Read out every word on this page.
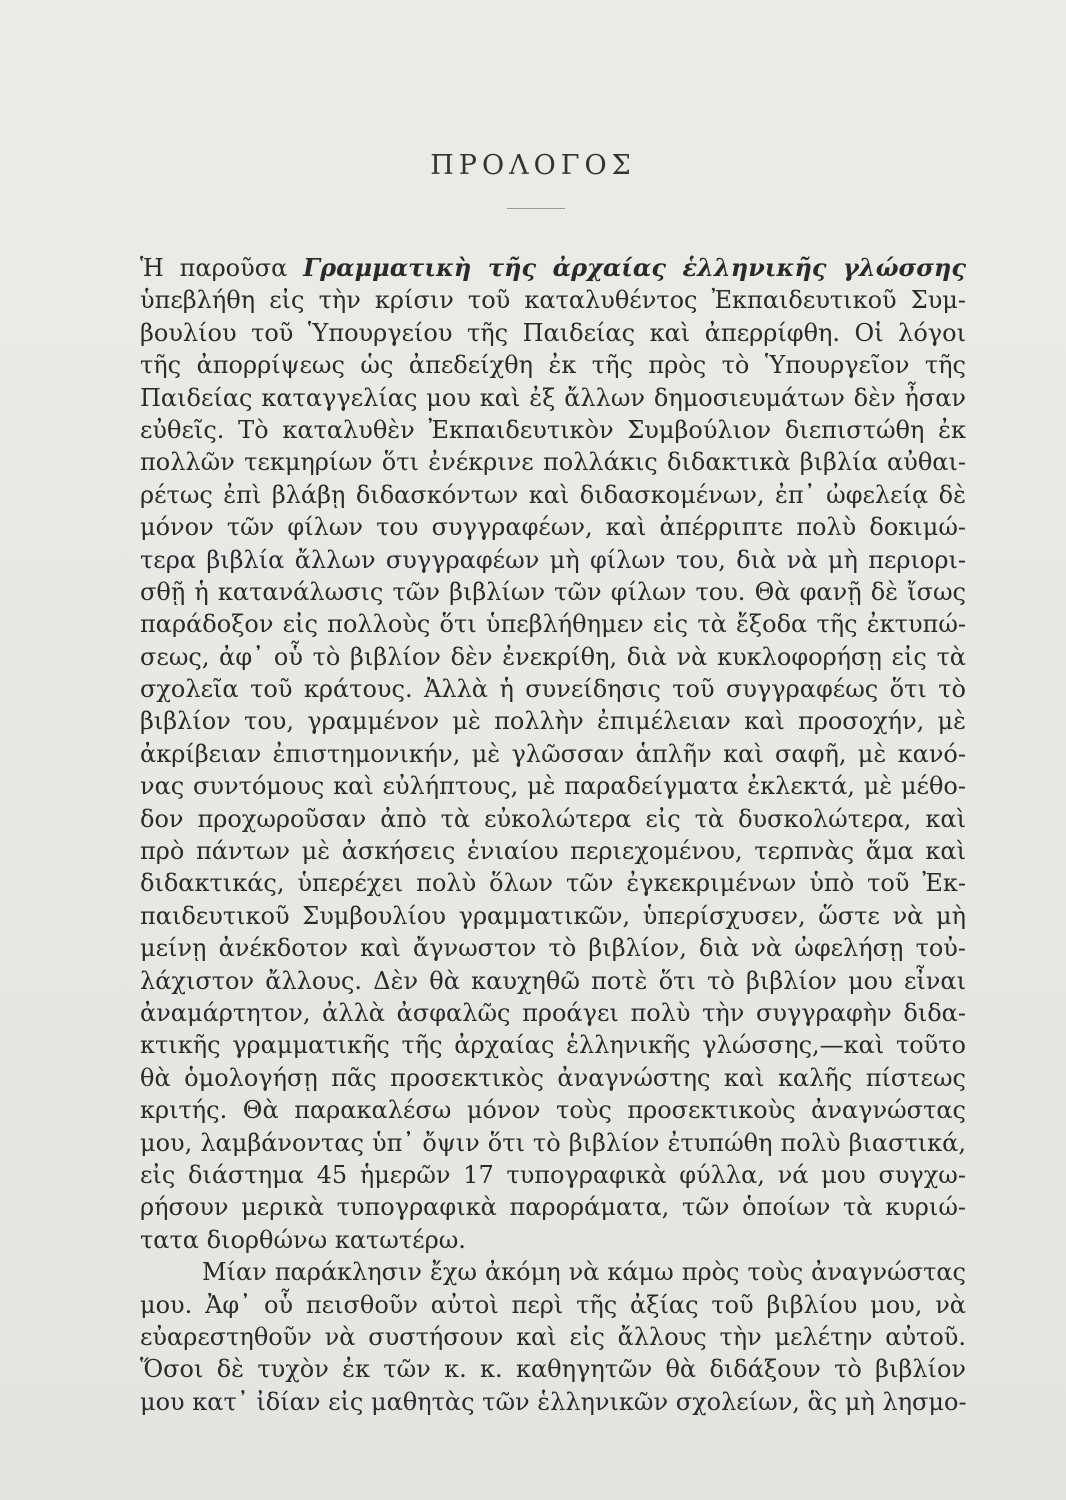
ΠΡΟΛΟΓΟΣ
Ἡ παροῦσα Γραμματικὴ τῆς ἀρχαίας ἑλληνικῆς γλώσσης
ὑπεβλήθη εἰς τὴν κρίσιν τοῦ καταλυθέντος Ἐκπαιδευτικοῦ Συμ-
βουλίου τοῦ Ὑπουργείου τῆς Παιδείας καὶ ἀπερρίφθη. Οἱ λόγοι
τῆς ἀπορρίψεως ὡς ἀπεδείχθη ἐκ τῆς πρὸς τὸ Ὑπουργεῖον τῆς
Παιδείας καταγγελίας μου καὶ ἐξ ἄλλων δημοσιευμάτων δὲν ἦσαν
εὐθεῖς. Τὸ καταλυθὲν Ἐκπαιδευτικὸν Συμβούλιον διεπιστώθη ἐκ
πολλῶν τεκμηρίων ὅτι ἐνέκρινε πολλάκις διδακτικὰ βιβλία αὐθαι-
ρέτως ἐπὶ βλάβῃ διδασκόντων καὶ διδασκομένων, ἐπ᾽ ὠφελείᾳ δὲ
μόνον τῶν φίλων του συγγραφέων, καὶ ἀπέρριπτε πολὺ δοκιμώ-
τερα βιβλία ἄλλων συγγραφέων μὴ φίλων του, διὰ νὰ μὴ περιορι-
σθῇ ἡ κατανάλωσις τῶν βιβλίων τῶν φίλων του. Θὰ φανῇ δὲ ἴσως
παράδοξον εἰς πολλοὺς ὅτι ὑπεβλήθημεν εἰς τὰ ἔξοδα τῆς ἐκτυπώ-
σεως, ἀφ᾽ οὗ τὸ βιβλίον δὲν ἐνεκρίθη, διὰ νὰ κυκλοφορήσῃ εἰς τὰ
σχολεῖα τοῦ κράτους. Ἀλλὰ ἡ συνείδησις τοῦ συγγραφέως ὅτι τὸ
βιβλίον του, γραμμένον μὲ πολλὴν ἐπιμέλειαν καὶ προσοχήν, μὲ
ἀκρίβειαν ἐπιστημονικήν, μὲ γλῶσσαν ἁπλῆν καὶ σαφῆ, μὲ κανό-
νας συντόμους καὶ εὐλήπτους, μὲ παραδείγματα ἐκλεκτά, μὲ μέθο-
δον προχωροῦσαν ἀπὸ τὰ εὐκολώτερα εἰς τὰ δυσκολώτερα, καὶ
πρὸ πάντων μὲ ἀσκήσεις ἑνιαίου περιεχομένου, τερπνὰς ἅμα καὶ
διδακτικάς, ὑπερέχει πολὺ ὅλων τῶν ἐγκεκριμένων ὑπὸ τοῦ Ἐκ-
παιδευτικοῦ Συμβουλίου γραμματικῶν, ὑπερίσχυσεν, ὥστε νὰ μὴ
μείνῃ ἀνέκδοτον καὶ ἄγνωστον τὸ βιβλίον, διὰ νὰ ὠφελήσῃ τοὐ-
λάχιστον ἄλλους. Δὲν θὰ καυχηθῶ ποτὲ ὅτι τὸ βιβλίον μου εἶναι
ἀναμάρτητον, ἀλλὰ ἀσφαλῶς προάγει πολὺ τὴν συγγραφὴν διδα-
κτικῆς γραμματικῆς τῆς ἀρχαίας ἑλληνικῆς γλώσσης,—καὶ τοῦτο
θὰ ὁμολογήσῃ πᾶς προσεκτικὸς ἀναγνώστης καὶ καλῆς πίστεως
κριτής. Θὰ παρακαλέσω μόνον τοὺς προσεκτικοὺς ἀναγνώστας
μου, λαμβάνοντας ὑπ᾽ ὄψιν ὅτι τὸ βιβλίον ἐτυπώθη πολὺ βιαστικά,
εἰς διάστημα 45 ἡμερῶν 17 τυπογραφικὰ φύλλα, νά μου συγχω-
ρήσουν μερικὰ τυπογραφικὰ παροράματα, τῶν ὁποίων τὰ κυριώ-
τατα διορθώνω κατωτέρω.
Μίαν παράκλησιν ἔχω ἀκόμη νὰ κάμω πρὸς τοὺς ἀναγνώστας
μου. Ἀφ᾽ οὗ πεισθοῦν αὐτοὶ περὶ τῆς ἀξίας τοῦ βιβλίου μου, νὰ
εὐαρεστηθοῦν νὰ συστήσουν καὶ εἰς ἄλλους τὴν μελέτην αὐτοῦ.
Ὅσοι δὲ τυχὸν ἐκ τῶν κ. κ. καθηγητῶν θὰ διδάξουν τὸ βιβλίον
μου κατ᾽ ἰδίαν εἰς μαθητὰς τῶν ἑλληνικῶν σχολείων, ἃς μὴ λησμο-
